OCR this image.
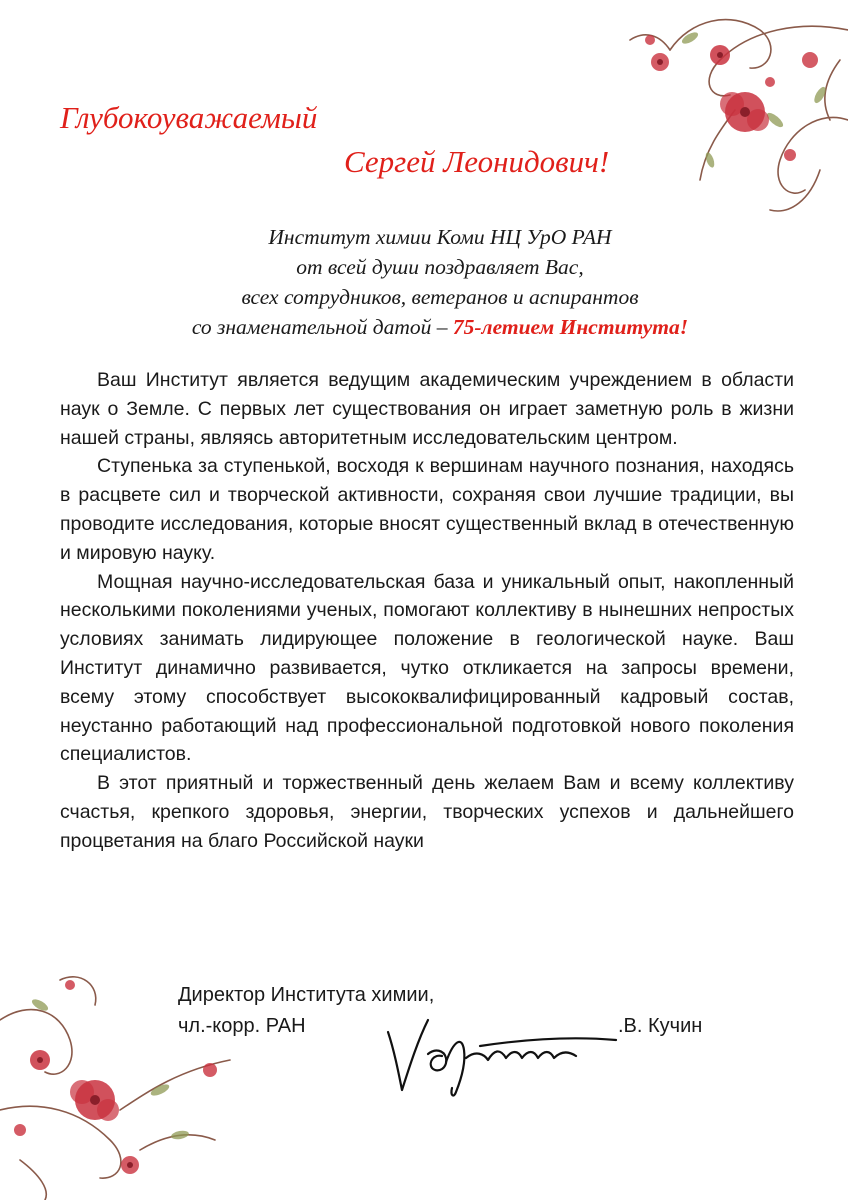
Глубокоуважаемый
Сергей Леонидович!
Институт химии Коми НЦ УрО РАН
от всей души поздравляет Вас,
всех сотрудников, ветеранов и аспирантов
со знаменательной датой – 75-летием Института!

Ваш Институт является ведущим академическим учреждением в области наук о Земле. С первых лет существования он играет заметную роль в жизни нашей страны, являясь авторитетным исследовательским центром.

Ступенька за ступенькой, восходя к вершинам научного познания, находясь в расцвете сил и творческой активности, сохраняя свои лучшие традиции, вы проводите исследования, которые вносят существенный вклад в отечественную и мировую науку.

Мощная научно-исследовательская база и уникальный опыт, накопленный несколькими поколениями ученых, помогают коллективу в нынешних непростых условиях занимать лидирующее положение в геологической науке. Ваш Институт динамично развивается, чутко откликается на запросы времени, всему этому способствует высококвалифицированный кадровый состав, неустанно работающий над профессиональной подготовкой нового поколения специалистов.

В этот приятный и торжественный день желаем Вам и всему коллективу счастья, крепкого здоровья, энергии, творческих успехов и дальнейшего процветания на благо Российской науки

Директор Института химии,
чл.-корр. РАН	.В. Кучин
